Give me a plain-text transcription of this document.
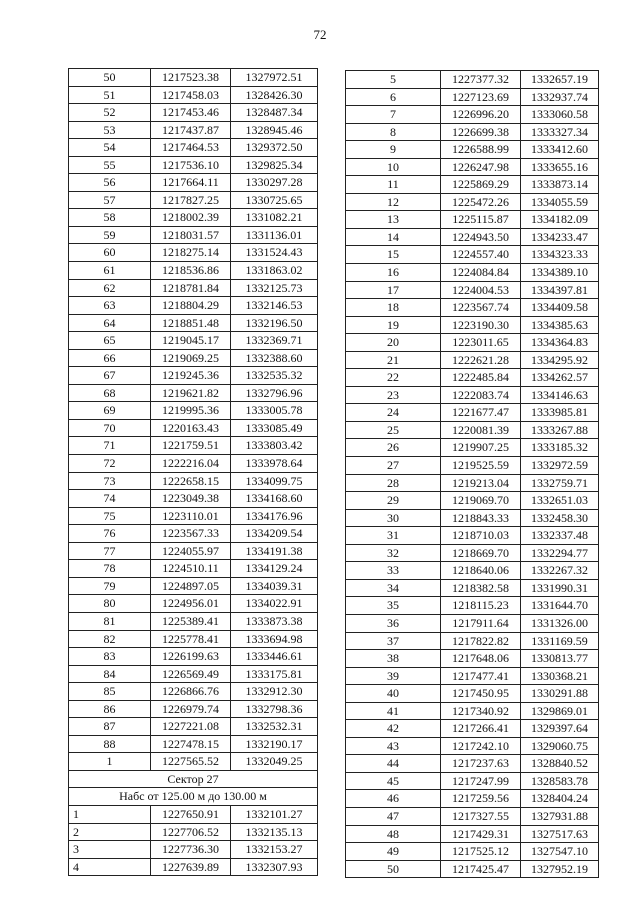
72
50	1217523.38	1327972.51
51	1217458.03	1328426.30
52	1217453.46	1328487.34
53	1217437.87	1328945.46
54	1217464.53	1329372.50
55	1217536.10	1329825.34
56	1217664.11	1330297.28
57	1217827.25	1330725.65
58	1218002.39	1331082.21
59	1218031.57	1331136.01
60	1218275.14	1331524.43
61	1218536.86	1331863.02
62	1218781.84	1332125.73
63	1218804.29	1332146.53
64	1218851.48	1332196.50
65	1219045.17	1332369.71
66	1219069.25	1332388.60
67	1219245.36	1332535.32
68	1219621.82	1332796.96
69	1219995.36	1333005.78
70	1220163.43	1333085.49
71	1221759.51	1333803.42
72	1222216.04	1333978.64
73	1222658.15	1334099.75
74	1223049.38	1334168.60
75	1223110.01	1334176.96
76	1223567.33	1334209.54
77	1224055.97	1334191.38
78	1224510.11	1334129.24
79	1224897.05	1334039.31
80	1224956.01	1334022.91
81	1225389.41	1333873.38
82	1225778.41	1333694.98
83	1226199.63	1333446.61
84	1226569.49	1333175.81
85	1226866.76	1332912.30
86	1226979.74	1332798.36
87	1227221.08	1332532.31
88	1227478.15	1332190.17
1	1227565.52	1332049.25
Сектор 27		
Набс от 125.00 м до 130.00 м		
1	1227650.91	1332101.27
2	1227706.52	1332135.13
3	1227736.30	1332153.27
4	1227639.89	1332307.93
5	1227377.32	1332657.19
6	1227123.69	1332937.74
7	1226996.20	1333060.58
8	1226699.38	1333327.34
9	1226588.99	1333412.60
10	1226247.98	1333655.16
11	1225869.29	1333873.14
12	1225472.26	1334055.59
13	1225115.87	1334182.09
14	1224943.50	1334233.47
15	1224557.40	1334323.33
16	1224084.84	1334389.10
17	1224004.53	1334397.81
18	1223567.74	1334409.58
19	1223190.30	1334385.63
20	1223011.65	1334364.83
21	1222621.28	1334295.92
22	1222485.84	1334262.57
23	1222083.74	1334146.63
24	1221677.47	1333985.81
25	1220081.39	1333267.88
26	1219907.25	1333185.32
27	1219525.59	1332972.59
28	1219213.04	1332759.71
29	1219069.70	1332651.03
30	1218843.33	1332458.30
31	1218710.03	1332337.48
32	1218669.70	1332294.77
33	1218640.06	1332267.32
34	1218382.58	1331990.31
35	1218115.23	1331644.70
36	1217911.64	1331326.00
37	1217822.82	1331169.59
38	1217648.06	1330813.77
39	1217477.41	1330368.21
40	1217450.95	1330291.88
41	1217340.92	1329869.01
42	1217266.41	1329397.64
43	1217242.10	1329060.75
44	1217237.63	1328840.52
45	1217247.99	1328583.78
46	1217259.56	1328404.24
47	1217327.55	1327931.88
48	1217429.31	1327517.63
49	1217525.12	1327547.10
50	1217425.47	1327952.19
